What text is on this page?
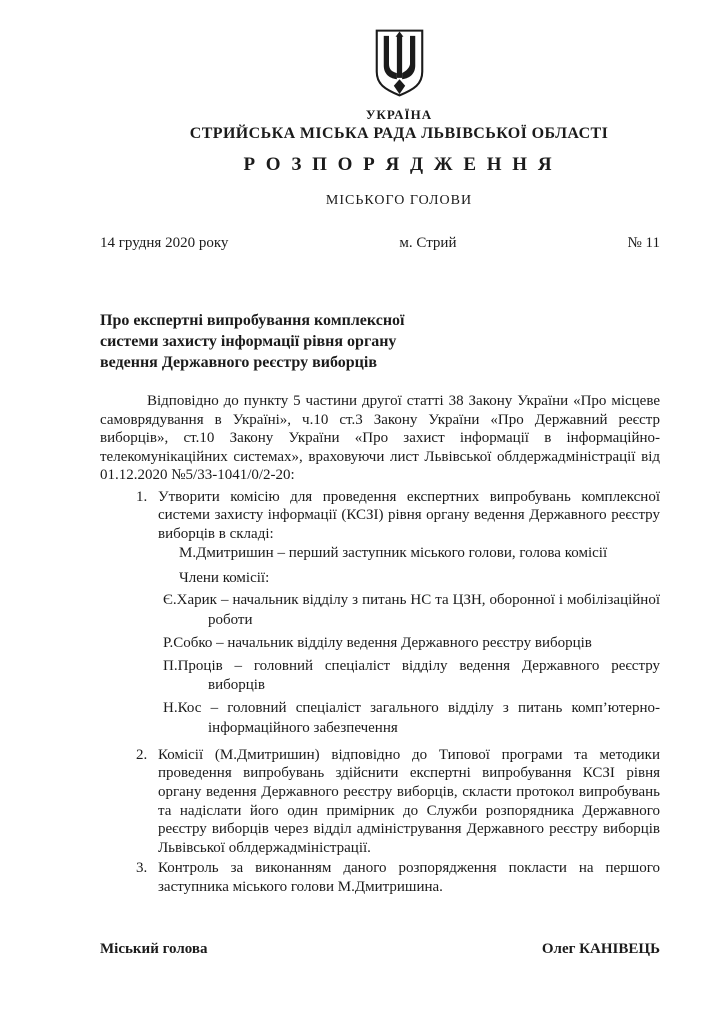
УКРАЇНА
СТРИЙСЬКА МІСЬКА РАДА ЛЬВІВСЬКОЇ ОБЛАСТІ
Р О З П О Р Я Д Ж Е Н Н Я
МІСЬКОГО ГОЛОВИ
14 грудня 2020 року	м. Стрий	№ 11
Про експертні випробування комплексної
системи захисту інформації рівня органу
ведення Державного реєстру виборців

Відповідно до пункту 5 частини другої статті 38 Закону України «Про місцеве самоврядування в Україні», ч.10 ст.3 Закону України «Про Державний реєстр виборців», ст.10 Закону України «Про захист інформації в інформаційно-телекомунікаційних системах», враховуючи лист Львівської облдержадміністрації від 01.12.2020 №5/33-1041/0/2-20:

1. Утворити комісію для проведення експертних випробувань комплексної системи захисту інформації (КСЗІ) рівня органу ведення Державного реєстру виборців в складі:
М.Дмитришин – перший заступник міського голови, голова комісії
Члени комісії:
Є.Харик – начальник відділу з питань НС та ЦЗН, оборонної і мобілізаційної роботи
Р.Собко – начальник відділу ведення Державного реєстру виборців
П.Проців – головний спеціаліст відділу ведення Державного реєстру виборців
Н.Кос – головний спеціаліст загального відділу з питань комп’ютерно-інформаційного забезпечення
2. Комісії (М.Дмитришин) відповідно до Типової програми та методики проведення випробувань здійснити експертні випробування КСЗІ рівня органу ведення Державного реєстру виборців, скласти протокол випробувань та надіслати його один примірник до Служби розпорядника Державного реєстру виборців через відділ адміністрування Державного реєстру виборців Львівської облдержадміністрації.
3. Контроль за виконанням даного розпорядження покласти на першого заступника міського голови М.Дмитришина.
Міський голова	Олег КАНІВЕЦЬ
